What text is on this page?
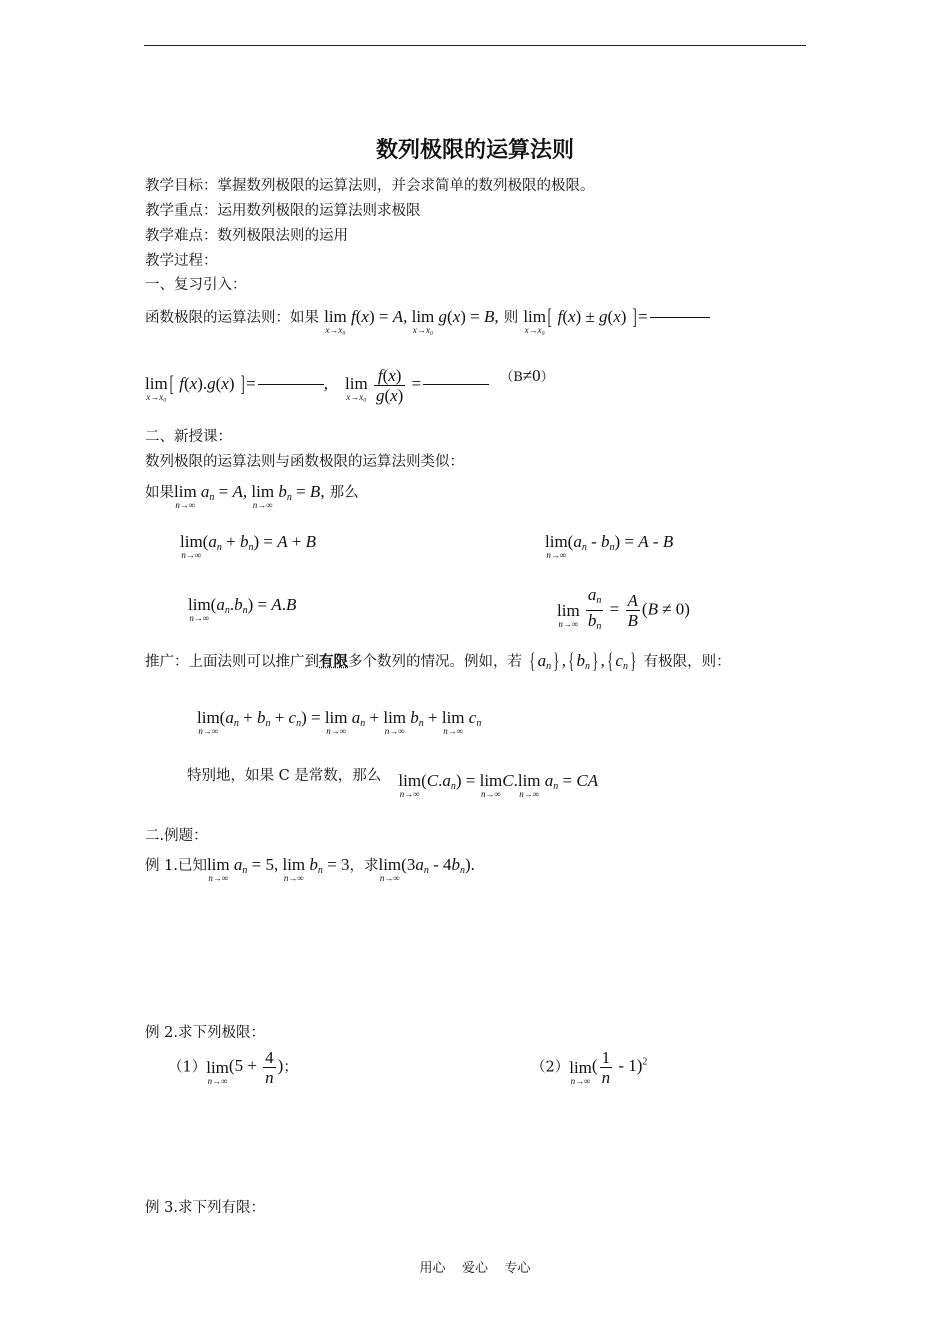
数列极限的运算法则
教学目标：掌握数列极限的运算法则，并会求简单的数列极限的极限。
教学重点：运用数列极限的运算法则求极限
教学难点：数列极限法则的运用
教学过程：
一、复习引入：
函数极限的运算法则：如果 lim
x→x₀
f(x) = A, lim
x→x₀
g(x) = B, 则 lim
x→x₀
[ f(x) ± g(x) ]=
lim
x→x₀
[ f(x).g(x) ]=	, lim
x→x₀
$\frac{f(x)}{g(x)}$ =	$^{(B\ne 0)}$
二、新授课：
数列极限的运算法则与函数极限的运算法则类似：
如果lim
n→∞
an = A, lim
n→∞
bn = B, 那么
lim
n→∞
(an + bn) = A + B	lim
n→∞
(an - bn) = A - B
lim
n→∞
(an.bn) = A.B	lim
n→∞
$\frac{an}{bn} = \frac{A}{B} (B \ne 0)$
推广：上面法则可以推广到有限多个数列的情况。例如，若 { an } , { bn } , { cn } 有极限，则：
lim
n→∞
(an + bn + cn) = lim
n→∞
an + lim
n→∞
bn + lim
n→∞
cn
特别地，如果 C 是常数，那么 lim
n→∞
(C.an) = lim
n→∞
C.lim
n→∞
an = CA
二.例题：
例 1.已知lim
n→∞
an = 5, lim
n→∞
bn = 3，求lim
n→∞
(3an - 4bn).
例 2.求下列极限：
（1）lim
n→∞
($5 + \frac{4}{n}$ )；	（2）lim
n→∞
( $\frac{1}{n} - 1)^2$
例 3.求下列有限：
用心    爱心    专心
